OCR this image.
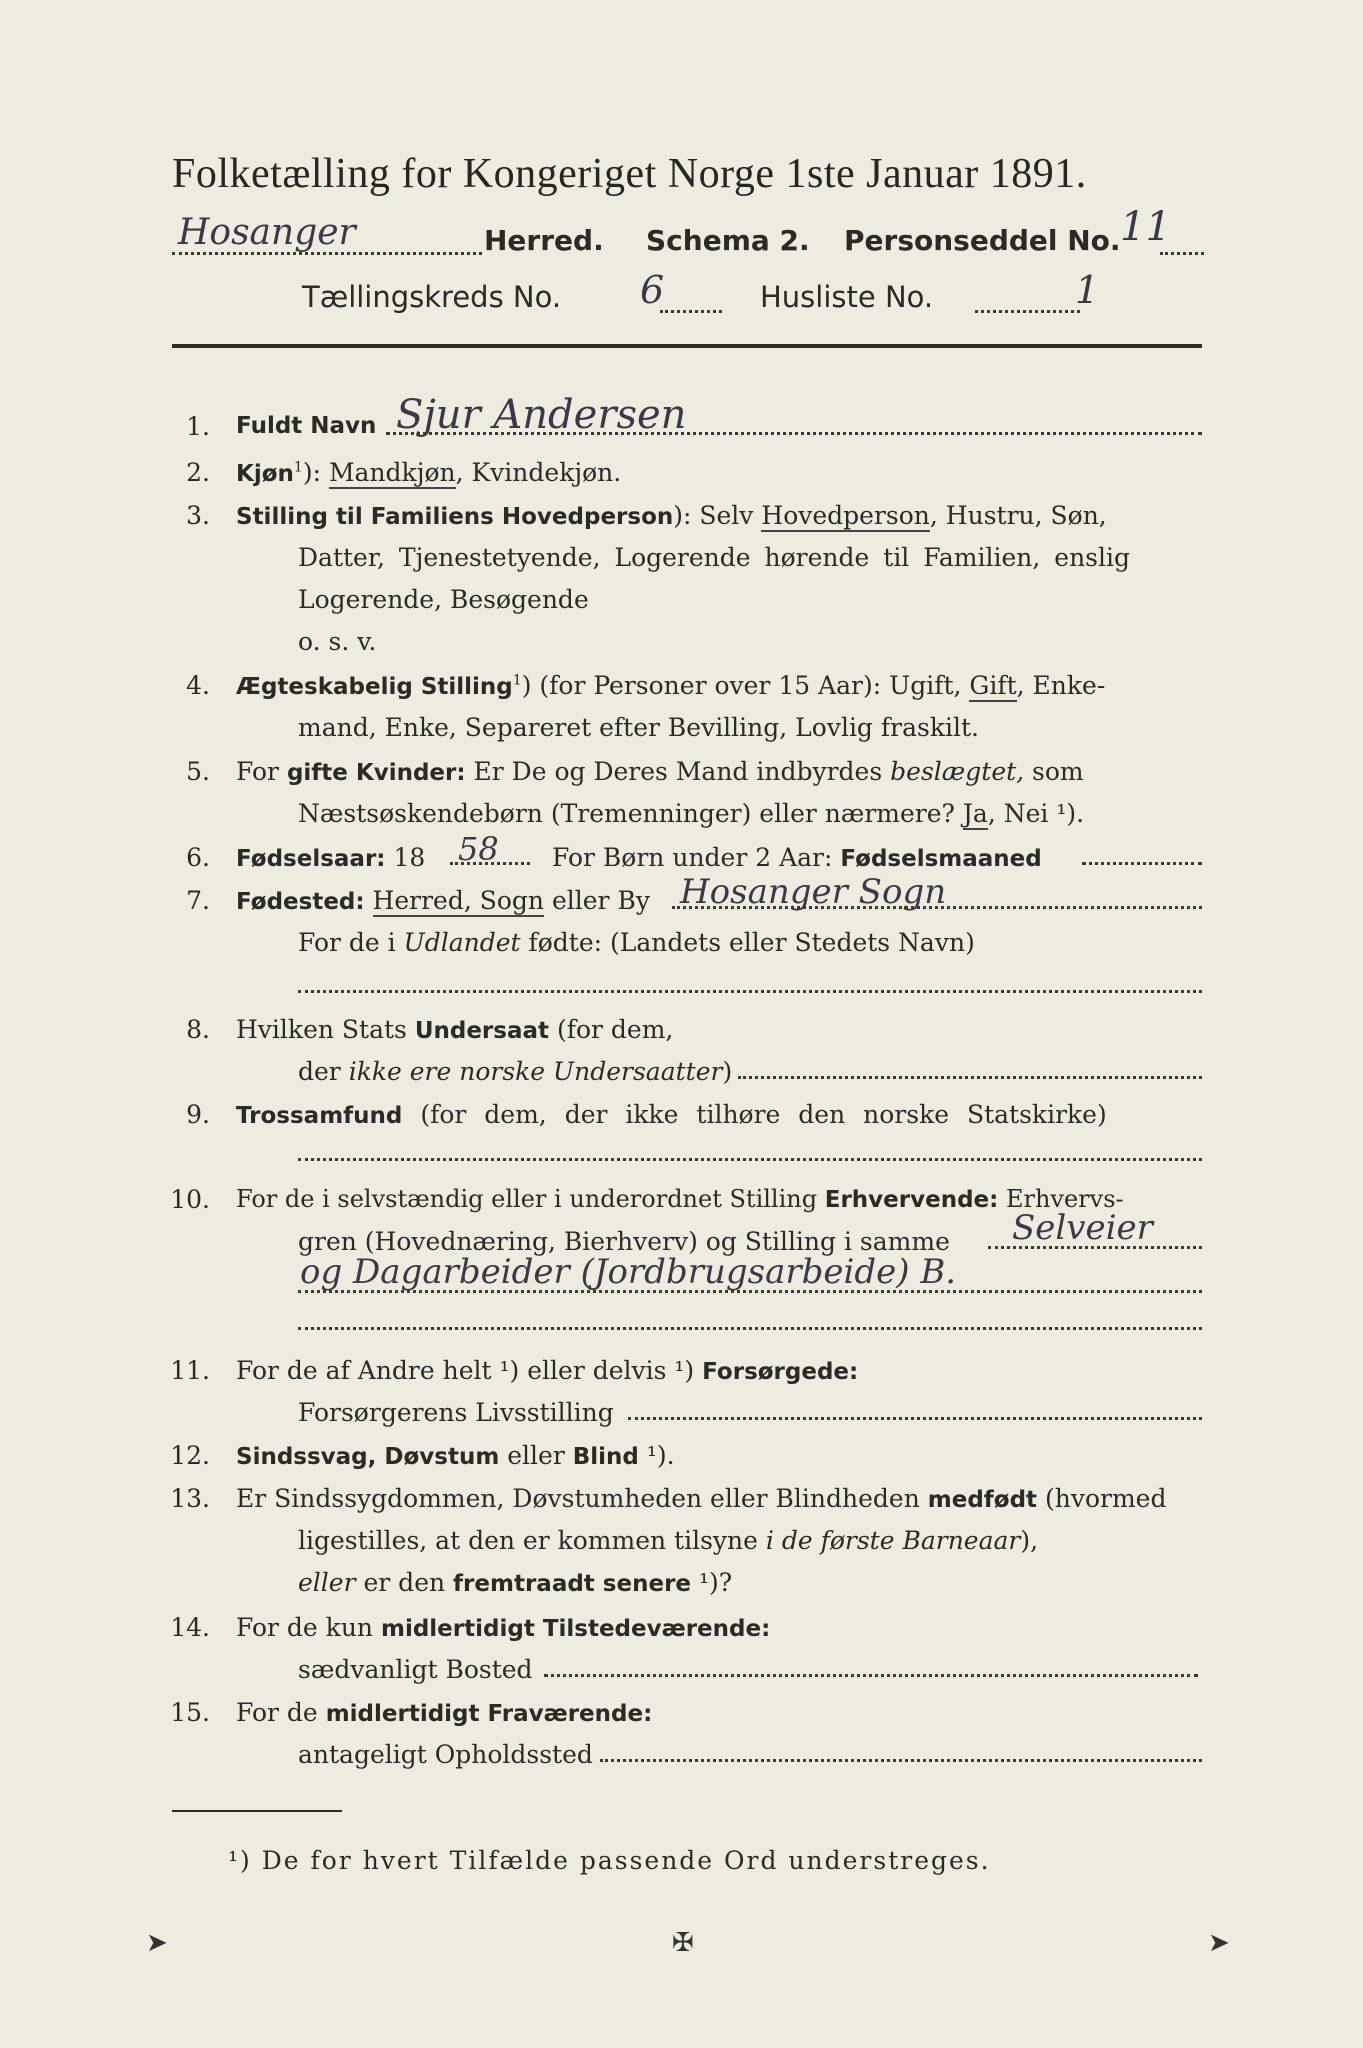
Folketælling for Kongeriget Norge 1ste Januar 1891.
Hosanger	Herred. Schema 2. Personseddel No. 11
Tællingskreds No. 6	Husliste No.	1
1. Fuldt Navn Sjur Andersen
2. Kjøn$^1$): Mandkjøn, Kvindekjøn.
3. Stilling til Familiens Hovedperson): Selv Hovedperson, Hustru, Søn,
Datter, Tjenestetyende, Logerende hørende til Familien, enslig
Logerende, Besøgende
o. s. v.
4. Ægteskabelig Stilling$^1$) (for Personer over 15 Aar): Ugift, Gift, Enke-
mand, Enke, Separeret efter Bevilling, Lovlig fraskilt.
5. For gifte Kvinder: Er De og Deres Mand indbyrdes beslægtet, som
Næstsøskendebørn (Tremenninger) eller nærmere? Ja, Nei ¹).
6. Fødselsaar: 18 58 For Børn under 2 Aar: Fødselsmaaned
7. Fødested: Herred, Sogn eller By Hosanger Sogn
For de i Udlandet fødte: (Landets eller Stedets Navn)
8. Hvilken Stats Undersaat (for dem,
der ikke ere norske Undersaatter)
9. Trossamfund (for dem, der ikke tilhøre den norske Statskirke)
10. For de i selvstændig eller i underordnet Stilling Erhvervende: Erhvervs-
gren (Hovednæring, Bierhverv) og Stilling i samme Selveier
og Dagarbeider (Jordbrugsarbeide) B.
11. For de af Andre helt ¹) eller delvis ¹) Forsørgede:
Forsørgerens Livsstilling
12. Sindssvag, Døvstum eller Blind ¹).
13. Er Sindssygdommen, Døvstumheden eller Blindheden medfødt (hvormed
ligestilles, at den er kommen tilsyne i de første Barneaar),
eller er den fremtraadt senere ¹)?
14. For de kun midlertidigt Tilstedeværende:
sædvanligt Bosted
15. For de midlertidigt Fraværende:
antageligt Opholdssted
¹) De for hvert Tilfælde passende Ord understreges.
➤	✠	➤
